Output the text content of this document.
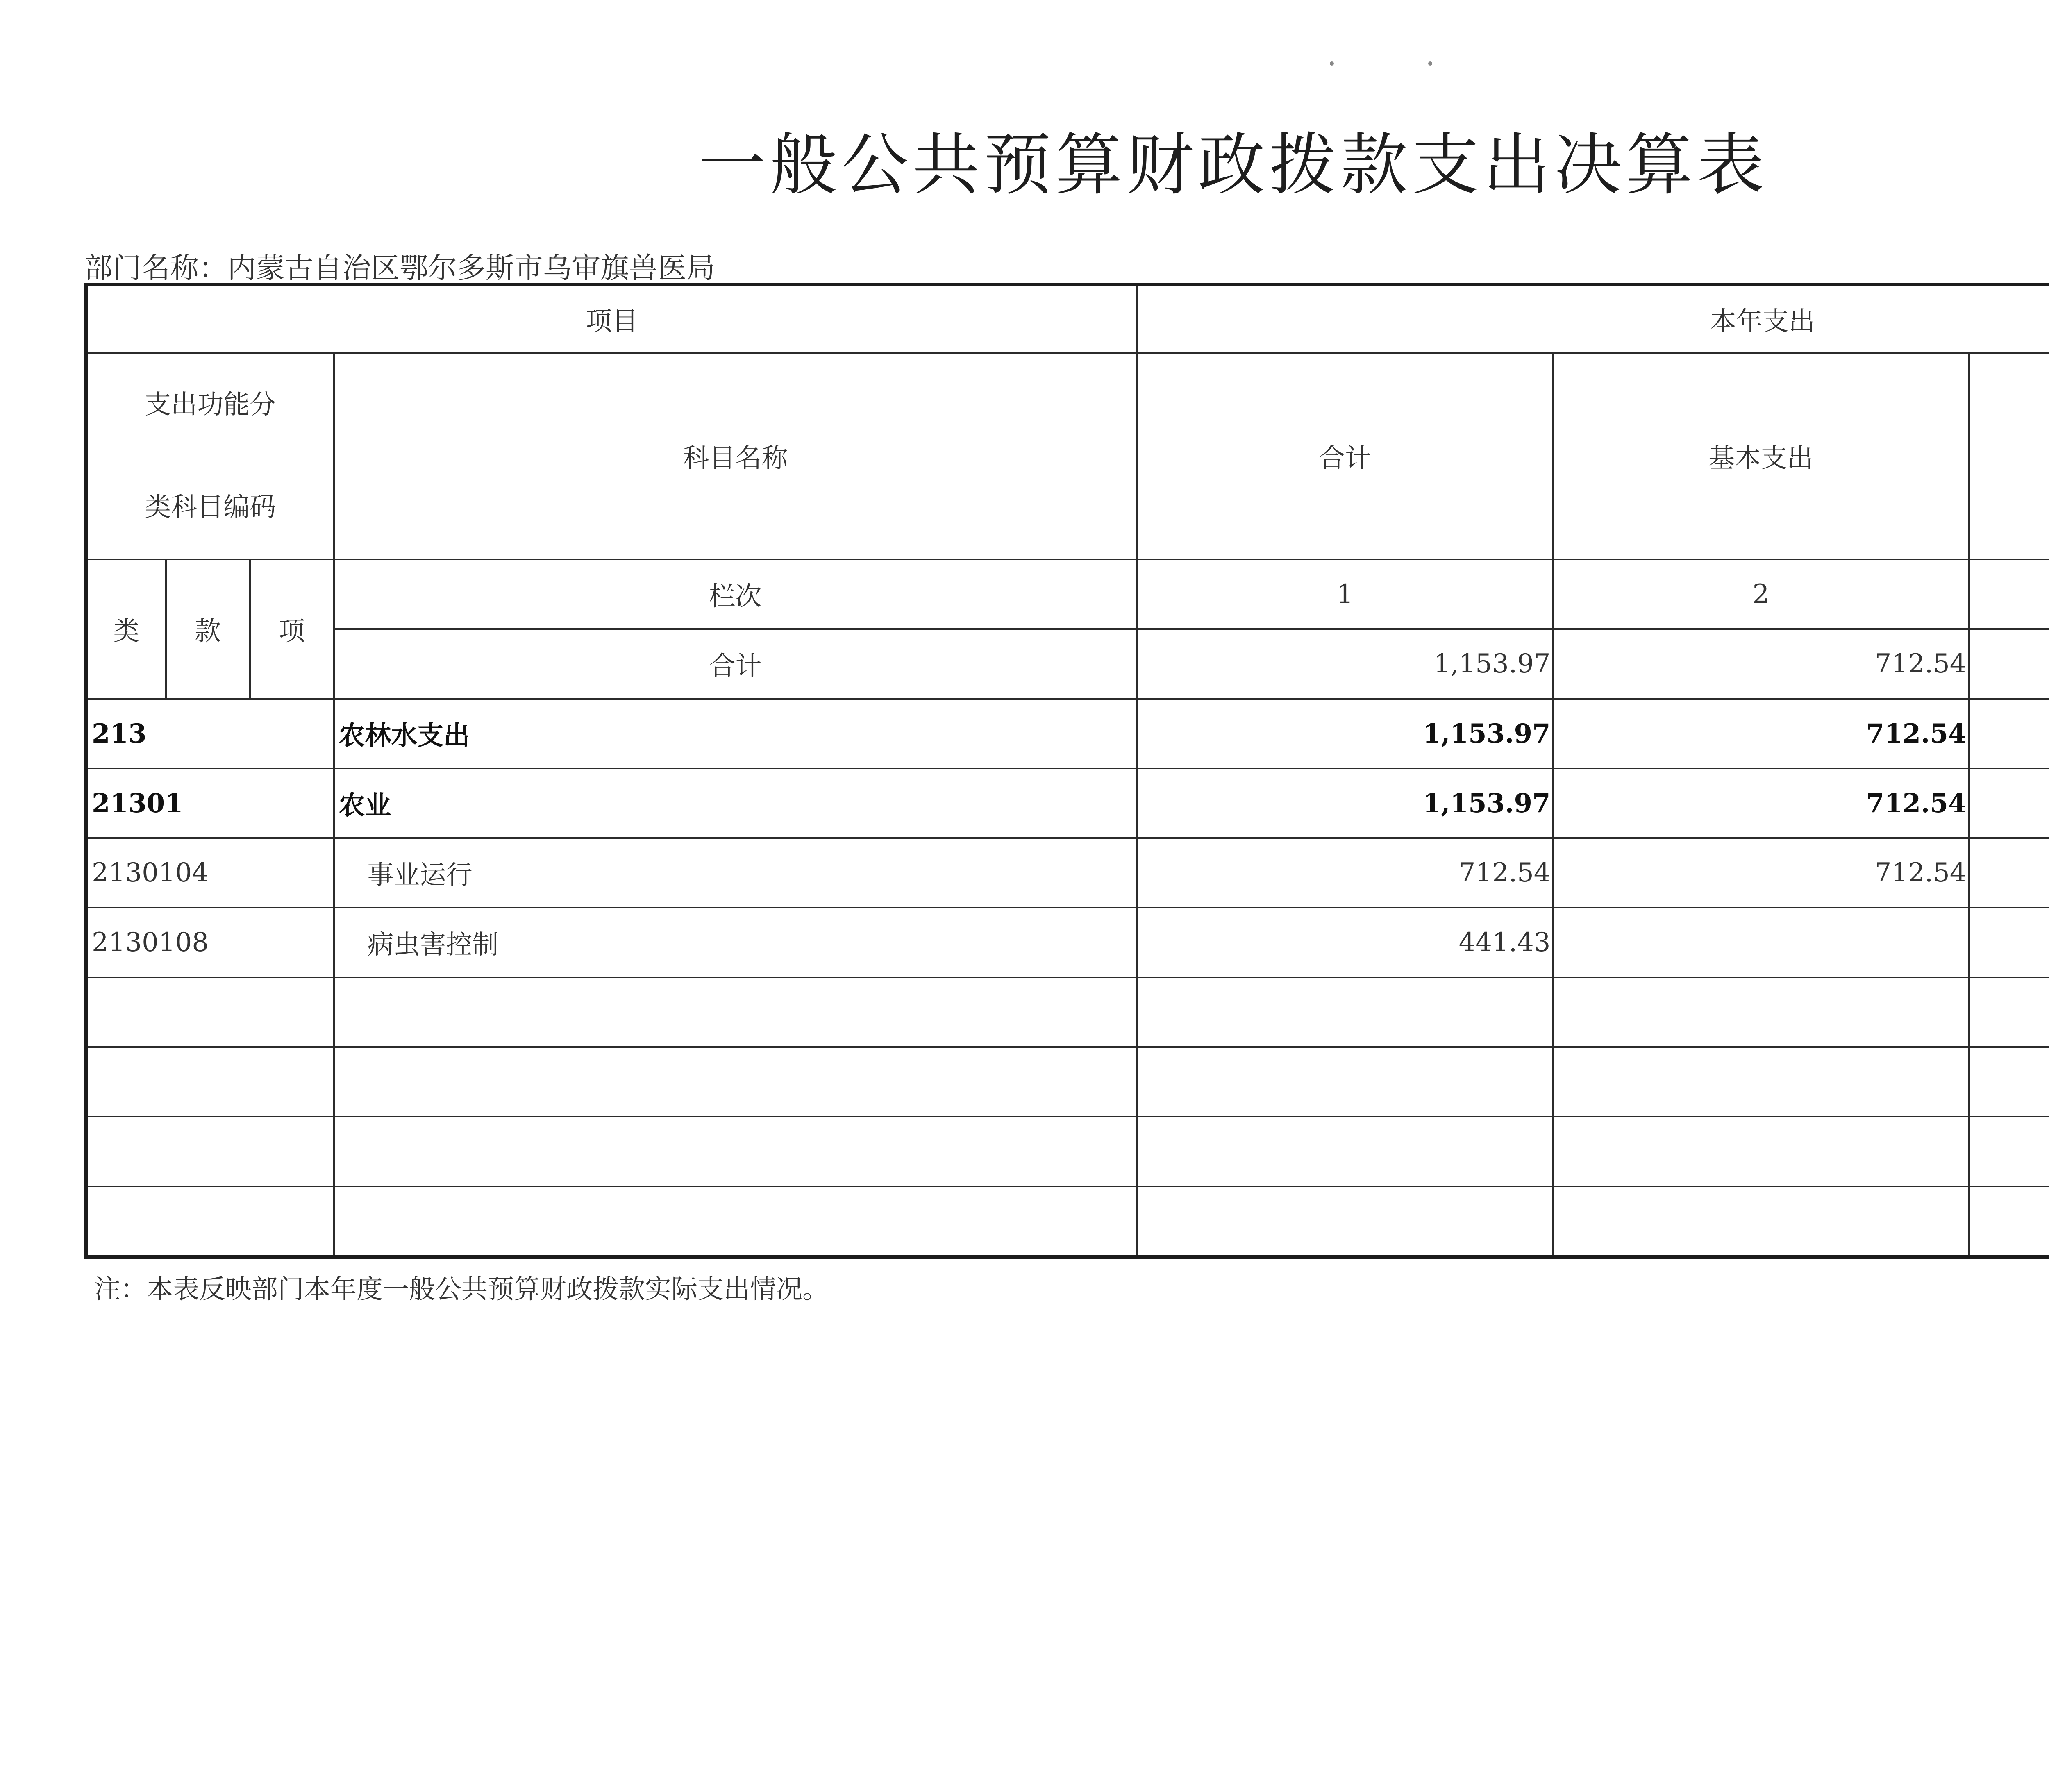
一般公共预算财政拨款支出决算表
部门名称：内蒙古自治区鄂尔多斯市乌审旗兽医局
项目				本年支出		

支出功能分
类科目编码			科目名称	合计	基本支出	

类	款	项	栏次	1	2	
			合计	1,153.97	712.54	
213			农林水支出	1,153.97	712.54	
21301			农业	1,153.97	712.54	
2130104			事业运行	712.54	712.54	
2130108			病虫害控制	441.43		

注：本表反映部门本年度一般公共预算财政拨款实际支出情况。
